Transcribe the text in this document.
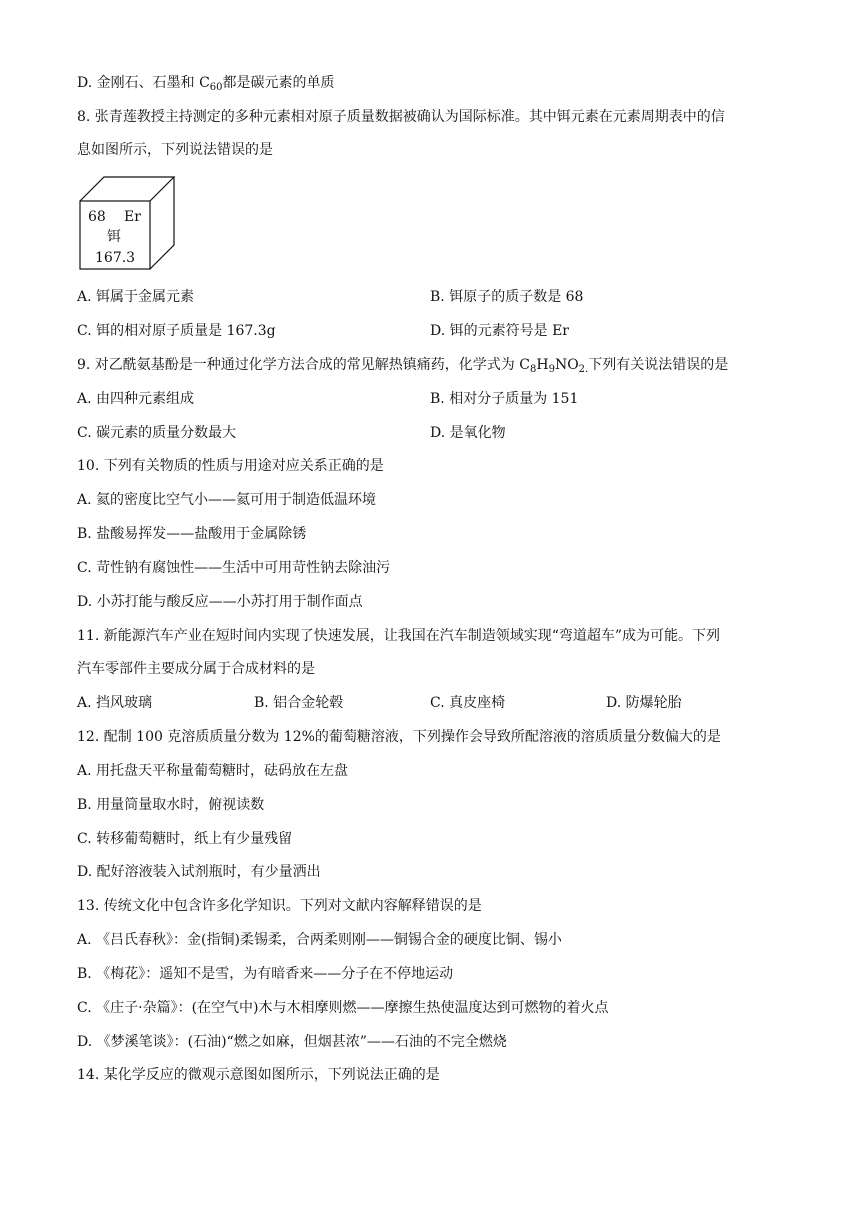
D. 金刚石、石墨和 $C_{60}$都是碳元素的单质
8. 张青莲教授主持测定的多种元素相对原子质量数据被确认为国际标准。其中铒元素在元素周期表中的信
息如图所示，下列说法错误的是
68 Er
铒
167.3
A. 铒属于金属元素	B. 铒原子的质子数是 68
C. 铒的相对原子质量是 167.3g	D. 铒的元素符号是 Er
9. 对乙酰氨基酚是一种通过化学方法合成的常见解热镇痛药，化学式为 $C_8H_9NO_{2.}$下列有关说法错误的是
A. 由四种元素组成	B. 相对分子质量为 151
C. 碳元素的质量分数最大	D. 是氧化物
10. 下列有关物质的性质与用途对应关系正确的是
A. 氦的密度比空气小——氦可用于制造低温环境
B. 盐酸易挥发——盐酸用于金属除锈
C. 苛性钠有腐蚀性——生活中可用苛性钠去除油污
D. 小苏打能与酸反应——小苏打用于制作面点
11. 新能源汽车产业在短时间内实现了快速发展，让我国在汽车制造领域实现“弯道超车”成为可能。下列
汽车零部件主要成分属于合成材料的是
A. 挡风玻璃	B. 铝合金轮毂	C. 真皮座椅	D. 防爆轮胎
12. 配制 100 克溶质质量分数为 12%的葡萄糖溶液，下列操作会导致所配溶液的溶质质量分数偏大的是
A. 用托盘天平称量葡萄糖时，砝码放在左盘
B. 用量筒量取水时，俯视读数
C. 转移葡萄糖时，纸上有少量残留
D. 配好溶液装入试剂瓶时，有少量洒出
13. 传统文化中包含许多化学知识。下列对文献内容解释错误的是
A. 《吕氏春秋》：金(指铜)柔锡柔，合两柔则刚——铜锡合金的硬度比铜、锡小
B. 《梅花》：遥知不是雪，为有暗香来——分子在不停地运动
C. 《庄子·杂篇》：(在空气中)木与木相摩则燃——摩擦生热使温度达到可燃物的着火点
D. 《梦溪笔谈》：(石油)“燃之如麻，但烟甚浓”——石油的不完全燃烧
14. 某化学反应的微观示意图如图所示，下列说法正确的是
